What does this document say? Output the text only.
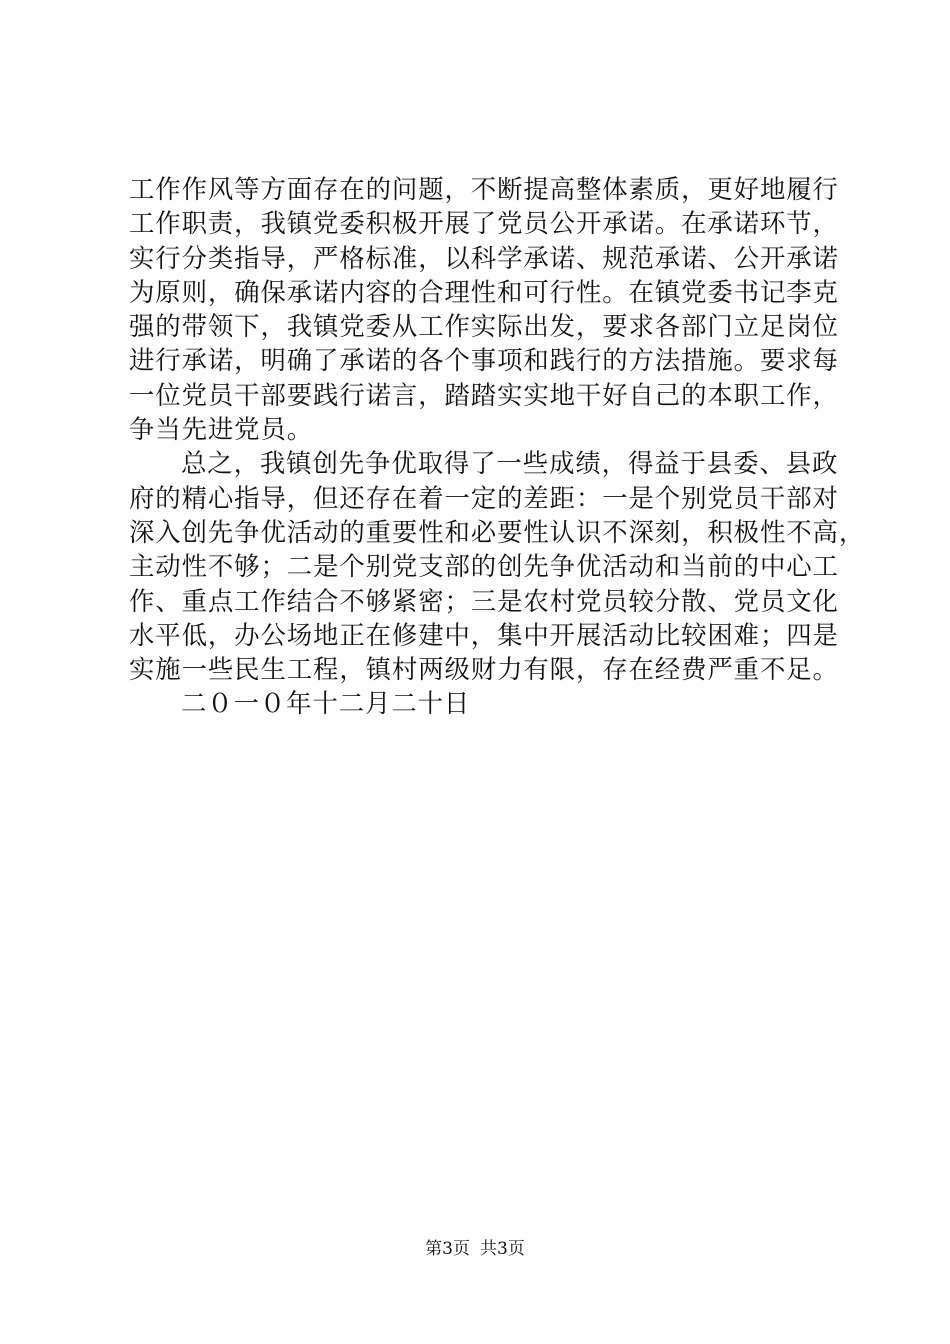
工作作风等方面存在的问题，不断提高整体素质，更好地履行
工作职责，我镇党委积极开展了党员公开承诺。在承诺环节，
实行分类指导，严格标准，以科学承诺、规范承诺、公开承诺
为原则，确保承诺内容的合理性和可行性。在镇党委书记李克
强的带领下，我镇党委从工作实际出发，要求各部门立足岗位
进行承诺，明确了承诺的各个事项和践行的方法措施。要求每
一位党员干部要践行诺言，踏踏实实地干好自己的本职工作，
争当先进党员。
总之，我镇创先争优取得了一些成绩，得益于县委、县政
府的精心指导，但还存在着一定的差距：一是个别党员干部对
深入创先争优活动的重要性和必要性认识不深刻，积极性不高，
主动性不够；二是个别党支部的创先争优活动和当前的中心工
作、重点工作结合不够紧密；三是农村党员较分散、党员文化
水平低，办公场地正在修建中，集中开展活动比较困难；四是
实施一些民生工程，镇村两级财力有限，存在经费严重不足。
二０一０年十二月二十日
第3页 共3页
